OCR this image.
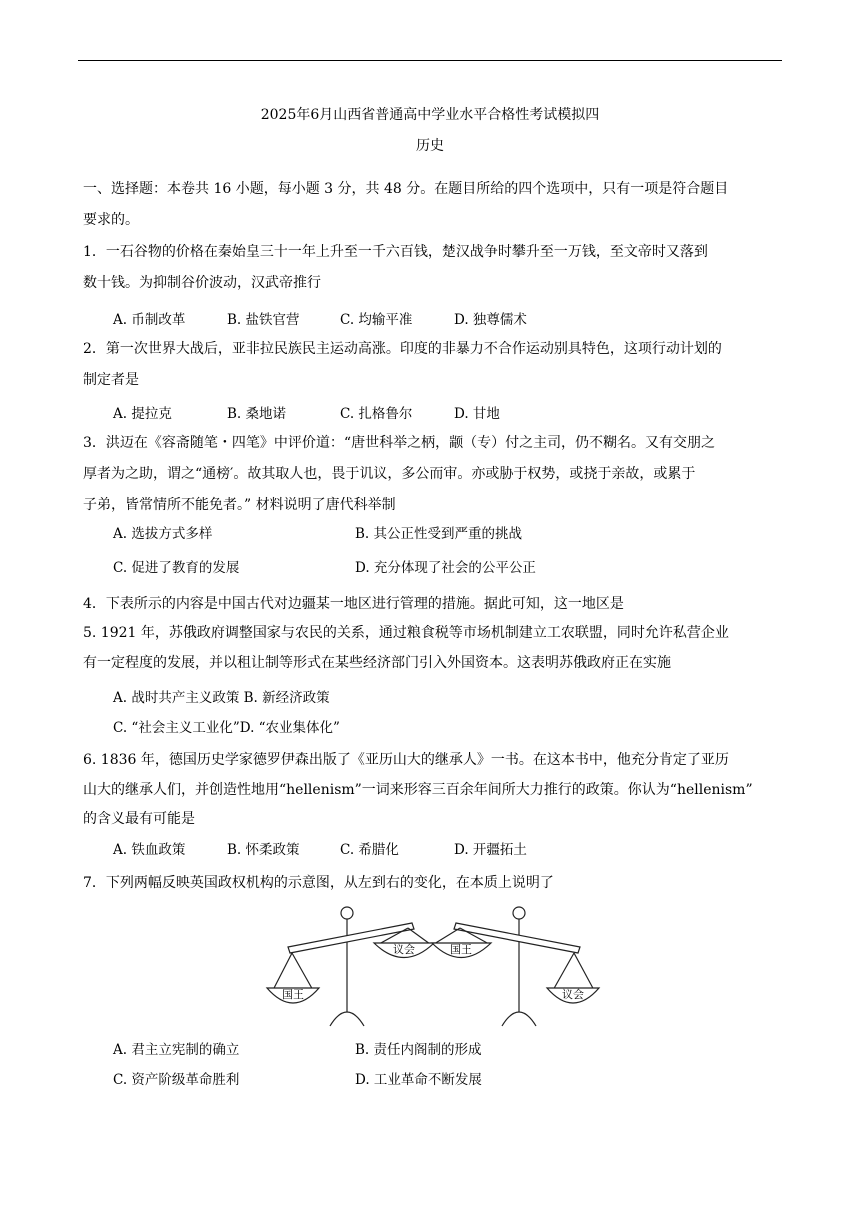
2025年6月山西省普通高中学业水平合格性考试模拟四
历史
一、选择题：本卷共 16 小题，每小题 3 分，共 48 分。在题目所给的四个选项中，只有一项是符合题目
要求的。
1．一石谷物的价格在秦始皇三十一年上升至一千六百钱，楚汉战争时攀升至一万钱，至文帝时又落到
数十钱。为抑制谷价波动，汉武帝推行
A. 币制改革	B. 盐铁官营	C. 均输平准	D. 独尊儒术
2．第一次世界大战后，亚非拉民族民主运动高涨。印度的非暴力不合作运动别具特色，这项行动计划的
制定者是
A. 提拉克	B. 桑地诺	C. 扎格鲁尔	D. 甘地
3．洪迈在《容斋随笔・四笔》中评价道：“唐世科举之柄，颛（专）付之主司，仍不糊名。又有交朋之
厚者为之助，谓之“通榜′。故其取人也，畏于讥议，多公而审。亦或胁于权势，或挠于亲故，或累于
子弟，皆常情所不能免者。” 材料说明了唐代科举制
A. 选拔方式多样	B. 其公正性受到严重的挑战
C. 促进了教育的发展	D. 充分体现了社会的公平公正
4．下表所示的内容是中国古代对边疆某一地区进行管理的措施。据此可知，这一地区是
5. 1921 年，苏俄政府调整国家与农民的关系，通过粮食税等市场机制建立工农联盟，同时允许私营企业
有一定程度的发展，并以租让制等形式在某些经济部门引入外国资本。这表明苏俄政府正在实施
A. 战时共产主义政策 B. 新经济政策
C. “社会主义工业化”D. “农业集体化”
6. 1836 年，德国历史学家德罗伊森出版了《亚历山大的继承人》一书。在这本书中，他充分肯定了亚历
山大的继承人们，并创造性地用“hellenism”一词来形容三百余年间所大力推行的政策。你认为“hellenism”
的含义最有可能是
A. 铁血政策	B. 怀柔政策	C. 希腊化	D. 开疆拓土
7．下列两幅反映英国政权机构的示意图，从左到右的变化，在本质上说明了
国王
议会	国王
议会
A. 君主立宪制的确立	B. 责任内阁制的形成
C. 资产阶级革命胜利	D. 工业革命不断发展
